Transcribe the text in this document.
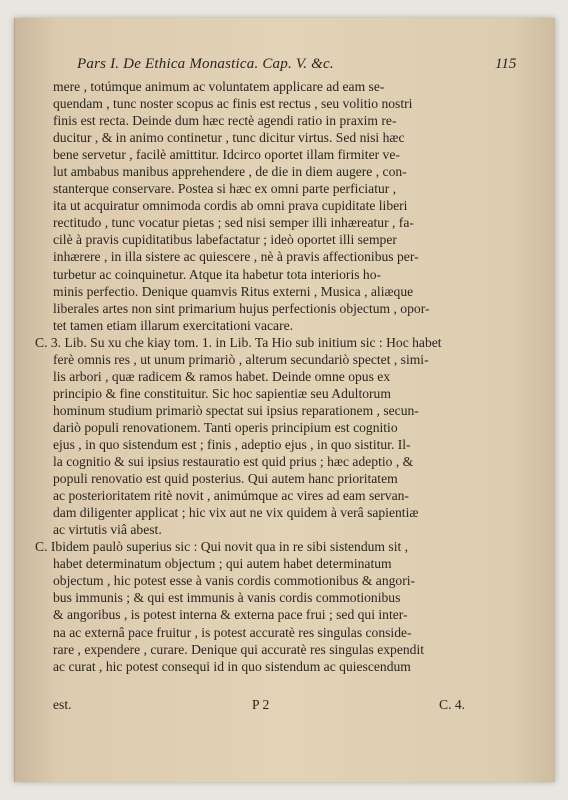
Pars I. De Ethica Monastica. Cap. V. &c.	115
mere , totúmque animum ac voluntatem applicare ad eam se-
quendam , tunc noster scopus ac finis est rectus , seu volitio nostri
finis est recta. Deinde dum hæc rectè agendi ratio in praxim re-
ducitur , & in animo continetur , tunc dicitur virtus. Sed nisi hæc
bene servetur , facilè amittitur. Idcirco oportet illam firmiter ve-
lut ambabus manibus apprehendere , de die in diem augere , con-
stanterque conservare. Postea si hæc ex omni parte perficiatur ,
ita ut acquiratur omnimoda cordis ab omni prava cupiditate liberi
rectitudo , tunc vocatur pietas ; sed nisi semper illi inhæreatur , fa-
cilè à pravis cupiditatibus labefactatur ; ideò oportet illi semper
inhærere , in illa sistere ac quiescere , nè à pravis affectionibus per-
turbetur ac coinquinetur. Atque ita habetur tota interioris ho-
minis perfectio. Denique quamvis Ritus externi , Musica , aliæque
liberales artes non sint primarium hujus perfectionis objectum , opor-
tet tamen etiam illarum exercitationi vacare.
C. 3. Lib. Su xu che kiay tom. 1. in Lib. Ta Hio sub initium sic : Hoc habet
ferè omnis res , ut unum primariò , alterum secundariò spectet , simi-
lis arbori , quæ radicem & ramos habet. Deinde omne opus ex
principio & fine constituitur. Sic hoc sapientiæ seu Adultorum
hominum studium primariò spectat sui ipsius reparationem , secun-
dariò populi renovationem. Tanti operis principium est cognitio
ejus , in quo sistendum est ; finis , adeptio ejus , in quo sistitur. Il-
la cognitio & sui ipsius restauratio est quid prius ; hæc adeptio , &
populi renovatio est quid posterius. Qui autem hanc prioritatem
ac posterioritatem ritè novit , animúmque ac vires ad eam servan-
dam diligenter applicat ; hic vix aut ne vix quidem à verâ sapientiæ
ac virtutis viâ abest.
C. Ibidem paulò superius sic : Qui novit qua in re sibi sistendum sit ,
habet determinatum objectum ; qui autem habet determinatum
objectum , hic potest esse à vanis cordis commotionibus & angori-
bus immunis ; & qui est immunis à vanis cordis commotionibus
& angoribus , is potest interna & externa pace frui ; sed qui inter-
na ac externâ pace fruitur , is potest accuratè res singulas conside-
rare , expendere , curare. Denique qui accuratè res singulas expendit
ac curat , hic potest consequi id in quo sistendum ac quiescendum
est.	P 2	C. 4.
